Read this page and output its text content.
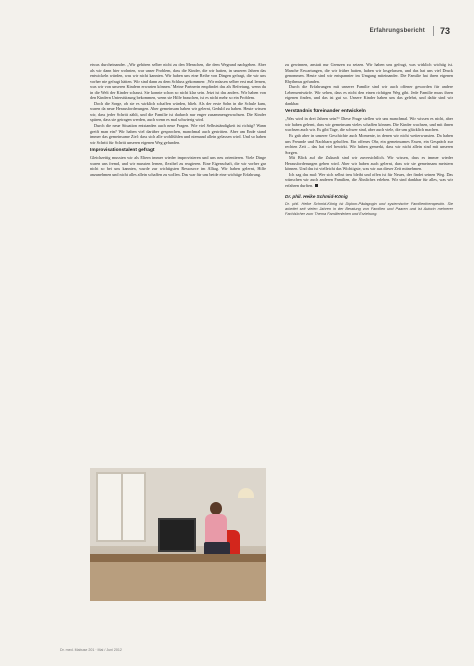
Erfahrungsbericht	73

etwas durcheinander. „Wir gehören selber nicht zu den Menschen, die dem Wegrand nachgehen. Aber als wir dann hier wohnten, war unser Problem, dass die Kinder, die wir hatten, in unseren Jahren das entwickeln würden, was wir nicht kannten. Wir haben uns eine Reihe von Dingen gefragt, die wir uns vorher nie gefragt hätten. Wir sind dann zu dem Schluss gekommen: ‚Wir müssen selber erst mal lernen, was wir von unseren Kindern erwarten können.' Meine Partnerin empfindet das als Befreiung, wenn du in die Welt der Kinder schaust. Sie konnte schon so nicht klar sein. Jetzt ist das anders. Wir haben von den Kindern Unterstützung bekommen, wenn sie Hilfe brauchen, ist es nicht mehr so ein Problem.

Doch die Sorge, ob sie es wirklich schaffen würden, blieb. Als der erste Sohn in die Schule kam, waren da neue Herausforderungen. Aber gemeinsam haben wir gelernt, Geduld zu haben. Heute wissen wir, dass jeder Schritt zählt, und die Familie ist dadurch nur enger zusammengewachsen. Die Kinder spüren, dass sie getragen werden, auch wenn es mal schwierig wird.

Durch die neue Situation entstanden auch neue Fragen. Wie viel Selbstständigkeit ist richtig? Wann greift man ein? Wir haben viel darüber gesprochen, manchmal auch gestritten. Aber am Ende stand immer das gemeinsame Ziel: dass sich alle wohlfühlen und niemand allein gelassen wird. Und so haben wir Schritt für Schritt unseren eigenen Weg gefunden.

Improvisationstalent gefragt

Gleichzeitig mussten wir als Eltern immer wieder improvisieren und uns neu orientieren. Viele Dinge waren uns fremd, und wir mussten lernen, flexibel zu reagieren. Eine Eigenschaft, die wir vorher gar nicht so bei uns kannten, wurde zur wichtigsten Ressource im Alltag. Wir haben gelernt, Hilfe anzunehmen und nicht alles allein schaffen zu wollen. Das war für uns beide eine wichtige Erfahrung.

zu gewinnen, anstatt nur Grenzen zu setzen. Wir haben uns gefragt, was wirklich wichtig ist. Manche Erwartungen, die wir früher hatten, haben wir losgelassen, und das hat uns viel Druck genommen. Heute sind wir entspannter im Umgang miteinander. Die Familie hat ihren eigenen Rhythmus gefunden.

Durch die Erfahrungen mit unserer Familie sind wir auch offener geworden für andere Lebensentwürfe. Wir sehen, dass es nicht den einen richtigen Weg gibt. Jede Familie muss ihren eigenen finden, und das ist gut so. Unsere Kinder haben uns das gelehrt, und dafür sind wir dankbar.

Verständnis füreinander entwickeln

„Was wird in drei Jahren sein?“ Diese Frage stellen wir uns manchmal. Wir wissen es nicht, aber wir haben gelernt, dass wir gemeinsam vieles schaffen können. Die Kinder wachsen, und mit ihnen wachsen auch wir. Es gibt Tage, die schwer sind, aber auch viele, die uns glücklich machen.

Es gab aber in unserer Geschichte auch Momente, in denen wir nicht weiterwussten. Da haben uns Freunde und Nachbarn geholfen. Ein offenes Ohr, ein gemeinsames Essen, ein Gespräch zur rechten Zeit – das hat viel bewirkt. Wir haben gemerkt, dass wir nicht allein sind mit unseren Sorgen.

Mit Blick auf die Zukunft sind wir zuversichtlich. Wir wissen, dass es immer wieder Herausforderungen geben wird. Aber wir haben auch gelernt, dass wir sie gemeinsam meistern können. Und das ist vielleicht das Wichtigste, was wir aus dieser Zeit mitnehmen.

Ich sag das mal: Wer sich selbst treu bleibt und offen ist für Neues, der findet seinen Weg. Das wünschen wir auch anderen Familien, die Ähnliches erleben. Wir sind dankbar für alles, was wir erfahren durften.

Dr. phil. Heike Schmid-König
Dr. phil. Heike Schmid-König ist Diplom-Pädagogin und systemische Familientherapeutin. Sie arbeitet seit vielen Jahren in der Beratung von Familien und Paaren und ist Autorin mehrerer Fachbücher zum Thema Familienleben und Erziehung.
Dr. med. Mabuse 201 · Mai / Juni 2012
